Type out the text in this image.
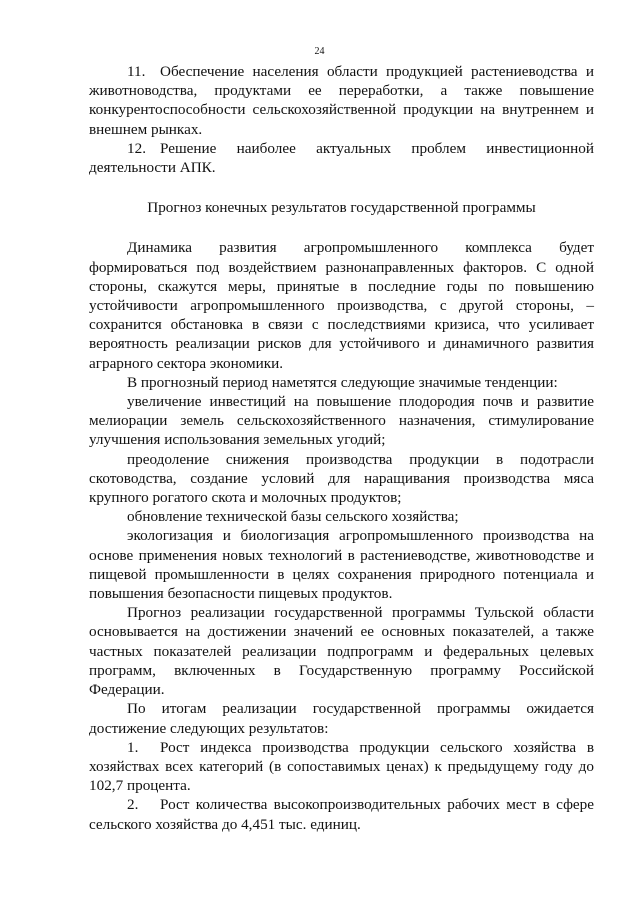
24

11. Обеспечение населения области продукцией растениеводства и животноводства, продуктами ее переработки, а также повышение конкурентоспособности сельскохозяйственной продукции на внутреннем и внешнем рынках.

12. Решение наиболее актуальных проблем инвестиционной деятельности АПК.

Прогноз конечных результатов государственной программы

Динамика развития агропромышленного комплекса будет формироваться под воздействием разнонаправленных факторов. С одной стороны, скажутся меры, принятые в последние годы по повышению устойчивости агропромышленного производства, с другой стороны, – сохранится обстановка в связи с последствиями кризиса, что усиливает вероятность реализации рисков для устойчивого и динамичного развития аграрного сектора экономики.

В прогнозный период наметятся следующие значимые тенденции:

увеличение инвестиций на повышение плодородия почв и развитие мелиорации земель сельскохозяйственного назначения, стимулирование улучшения использования земельных угодий;

преодоление снижения производства продукции в подотрасли скотоводства, создание условий для наращивания производства мяса крупного рогатого скота и молочных продуктов;

обновление технической базы сельского хозяйства;

экологизация и биологизация агропромышленного производства на основе применения новых технологий в растениеводстве, животноводстве и пищевой промышленности в целях сохранения природного потенциала и повышения безопасности пищевых продуктов.

Прогноз реализации государственной программы Тульской области основывается на достижении значений ее основных показателей, а также частных показателей реализации подпрограмм и федеральных целевых программ, включенных в Государственную программу Российской Федерации.

По итогам реализации государственной программы ожидается достижение следующих результатов:

1. Рост индекса производства продукции сельского хозяйства в хозяйствах всех категорий (в сопоставимых ценах) к предыдущему году до 102,7 процента.

2. Рост количества высокопроизводительных рабочих мест в сфере сельского хозяйства до 4,451 тыс. единиц.
